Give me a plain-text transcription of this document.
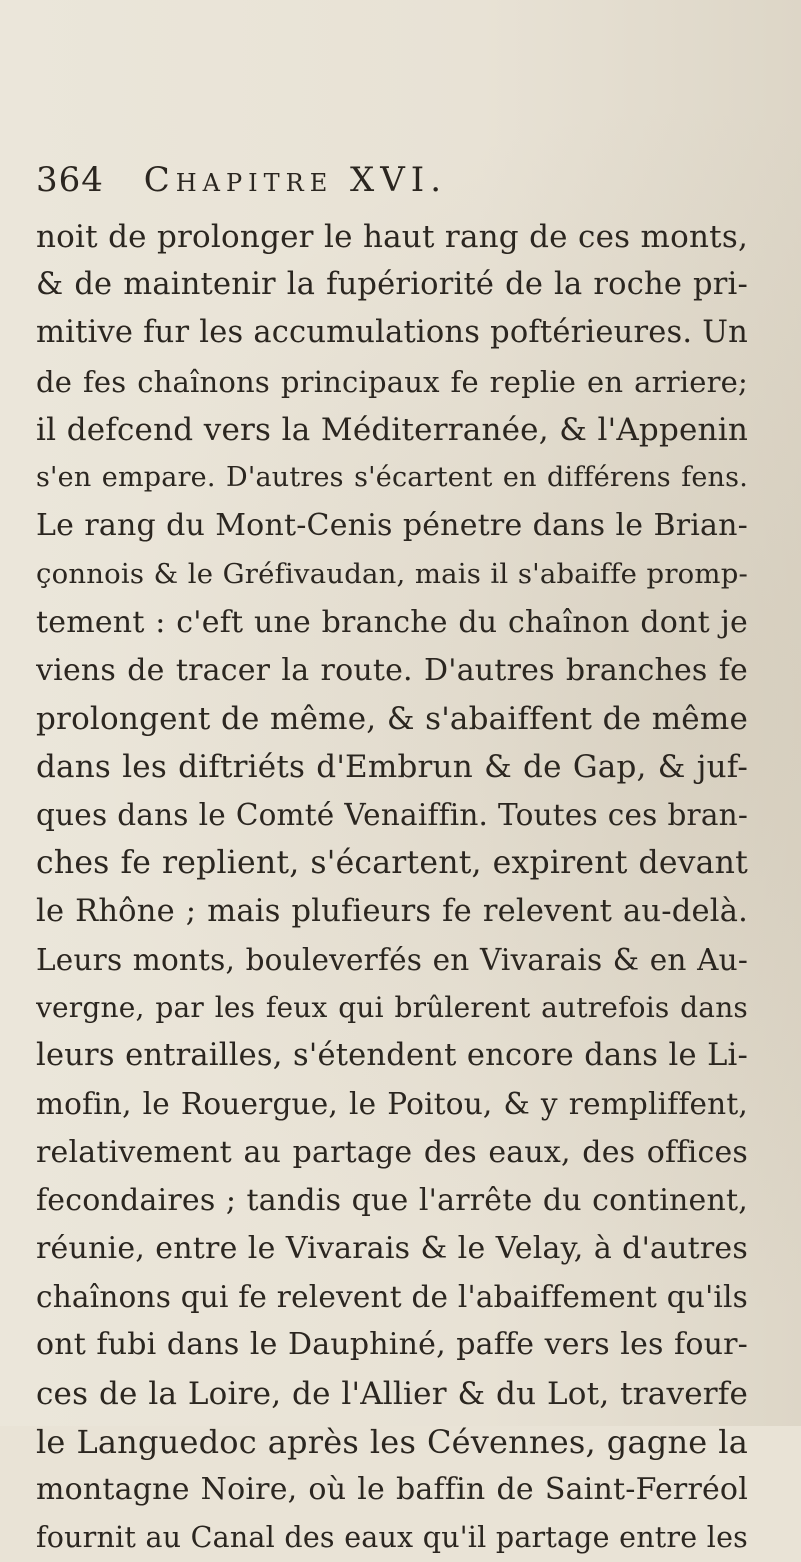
364 Chapitre XVI.
noit de prolonger le haut rang de ces monts,
& de maintenir la fupériorité de la roche pri-
mitive fur les accumulations poftérieures. Un
de fes chaînons principaux fe replie en arriere;
il defcend vers la Méditerranée, & l'Appenin
s'en empare. D'autres s'écartent en différens fens.
Le rang du Mont-Cenis pénetre dans le Brian-
çonnois & le Gréfivaudan, mais il s'abaiffe promp-
tement : c'eft une branche du chaînon dont je
viens de tracer la route. D'autres branches fe
prolongent de même, & s'abaiffent de même
dans les diftriéts d'Embrun & de Gap, & juf-
ques dans le Comté Venaiffin. Toutes ces bran-
ches fe replient, s'écartent, expirent devant
le Rhône ; mais plufieurs fe relevent au-delà.
Leurs monts, bouleverfés en Vivarais & en Au-
vergne, par les feux qui brûlerent autrefois dans
leurs entrailles, s'étendent encore dans le Li-
mofin, le Rouergue, le Poitou, & y rempliffent,
relativement au partage des eaux, des offices
fecondaires ; tandis que l'arrête du continent,
réunie, entre le Vivarais & le Velay, à d'autres
chaînons qui fe relevent de l'abaiffement qu'ils
ont fubi dans le Dauphiné, paffe vers les four-
ces de la Loire, de l'Allier & du Lot, traverfe
le Languedoc après les Cévennes, gagne la
montagne Noire, où le baffin de Saint-Ferréol
fournit au Canal des eaux qu'il partage entre les
